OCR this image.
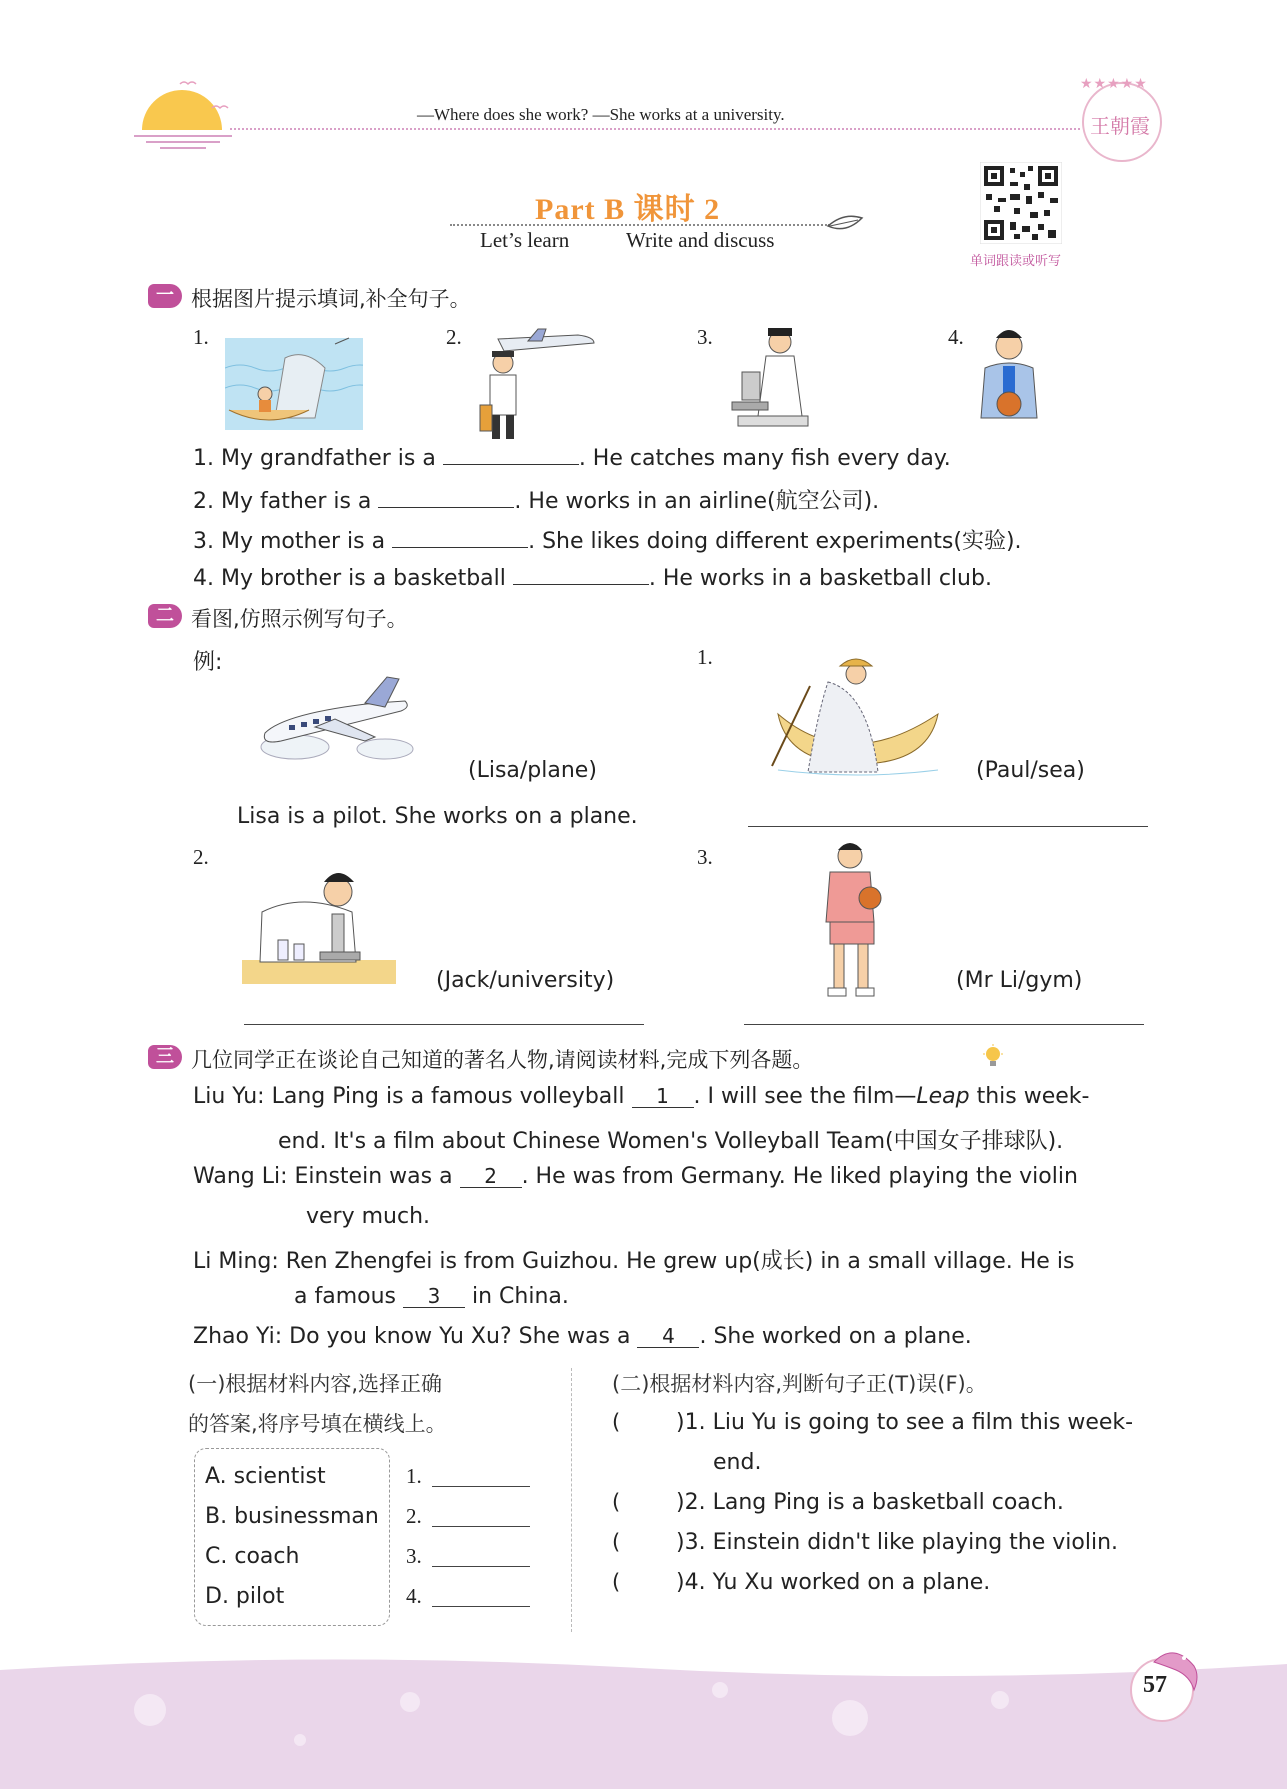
—Where does she work? —She works at a university.
★★★★★
王朝霞
Part B 课时 2
Let’s learn	Write and discuss
单词跟读或听写
一 根据图片提示填词,补全句子。
1.	2.	3.	4.
1. My grandfather is a	. He catches many fish every day.
2. My father is a	. He works in an airline(航空公司).
3. My mother is a	. She likes doing different experiments(实验).
4. My brother is a basketball	. He works in a basketball club.
二 看图,仿照示例写句子。
例:
(Lisa/plane)
Lisa is a pilot. She works on a plane.
1.
(Paul/sea)
2.
(Jack/university)
3.
(Mr Li/gym)
三 几位同学正在谈论自己知道的著名人物,请阅读材料,完成下列各题。
Liu Yu: Lang Ping is a famous volleyball 1 . I will see the film—Leap this week-
end. It's a film about Chinese Women's Volleyball Team(中国女子排球队).
Wang Li: Einstein was a 2 . He was from Germany. He liked playing the violin
very much.
Li Ming: Ren Zhengfei is from Guizhou. He grew up(成长) in a small village. He is
a famous 3 in China.
Zhao Yi: Do you know Yu Xu? She was a 4 . She worked on a plane.
(一)根据材料内容,选择正确
的答案,将序号填在横线上。
A. scientist
B. businessman
C. coach
D. pilot
1.
2.
3.
4.
(二)根据材料内容,判断句子正(T)误(F)。
(	)1. Liu Yu is going to see a film this week-
end.
(	)2. Lang Ping is a basketball coach.
(	)3. Einstein didn't like playing the violin.
(	)4. Yu Xu worked on a plane.
57
